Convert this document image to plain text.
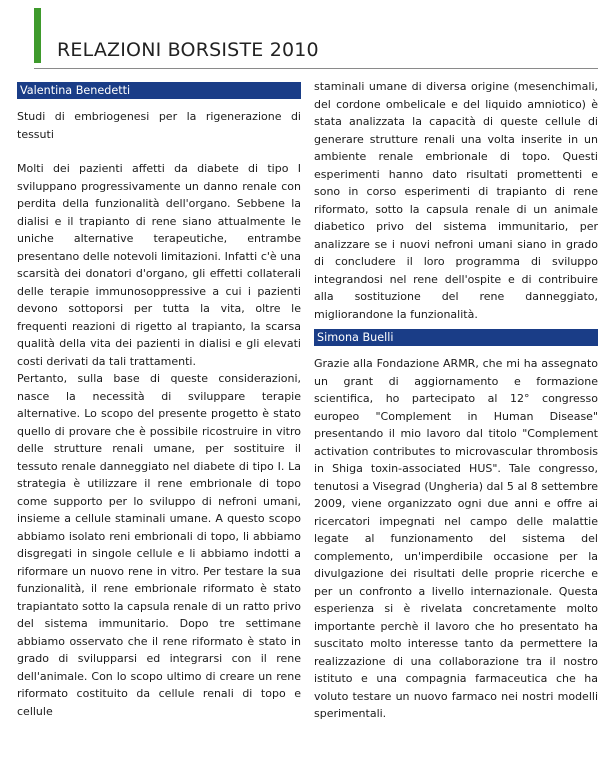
RELAZIONI BORSISTE 2010
Valentina Benedetti

Studi di embriogenesi per la rigenerazione di tessuti

Molti dei pazienti affetti da diabete di tipo I sviluppano progressivamente un danno renale con perdita della funzionalità dell'organo. Sebbene la dialisi e il trapianto di rene siano attualmente le uniche alternative terapeutiche, entrambe presentano delle notevoli limitazioni. Infatti c'è una scarsità dei donatori d'organo, gli effetti collaterali delle terapie immunosoppressive a cui i pazienti devono sottoporsi per tutta la vita, oltre le frequenti reazioni di rigetto al trapianto, la scarsa qualità della vita dei pazienti in dialisi e gli elevati costi derivati da tali trattamenti.

Pertanto, sulla base di queste considerazioni, nasce la necessità di sviluppare terapie alternative. Lo scopo del presente progetto è stato quello di provare che è possibile ricostruire in vitro delle strutture renali umane, per sostituire il tessuto renale danneggiato nel diabete di tipo I. La strategia è utilizzare il rene embrionale di topo come supporto per lo sviluppo di nefroni umani, insieme a cellule staminali umane. A questo scopo abbiamo isolato reni embrionali di topo, li abbiamo disgregati in singole cellule e li abbiamo indotti a riformare un nuovo rene in vitro. Per testare la sua funzionalità, il rene embrionale riformato è stato trapiantato sotto la capsula renale di un ratto privo del sistema immunitario. Dopo tre settimane abbiamo osservato che il rene riformato è stato in grado di svilupparsi ed integrarsi con il rene dell'animale. Con lo scopo ultimo di creare un rene riformato costituito da cellule renali di topo e cellule

staminali umane di diversa origine (mesenchimali, del cordone ombelicale e del liquido amniotico) è stata analizzata la capacità di queste cellule di generare strutture renali una volta inserite in un ambiente renale embrionale di topo. Questi esperimenti hanno dato risultati promettenti e sono in corso esperimenti di trapianto di rene riformato, sotto la capsula renale di un animale diabetico privo del sistema immunitario, per analizzare se i nuovi nefroni umani siano in grado di concludere il loro programma di sviluppo integrandosi nel rene dell'ospite e di contribuire alla sostituzione del rene danneggiato, migliorandone la funzionalità.

Simona Buelli

Grazie alla Fondazione ARMR, che mi ha assegnato un grant di aggiornamento e formazione scientifica, ho partecipato al 12° congresso europeo "Complement in Human Disease" presentando il mio lavoro dal titolo "Complement activation contributes to microvascular thrombosis in Shiga toxin-associated HUS". Tale congresso, tenutosi a Visegrad (Ungheria) dal 5 al 8 settembre 2009, viene organizzato ogni due anni e offre ai ricercatori impegnati nel campo delle malattie legate al funzionamento del sistema del complemento, un'imperdibile occasione per la divulgazione dei risultati delle proprie ricerche e per un confronto a livello internazionale. Questa esperienza si è rivelata concretamente molto importante perchè il lavoro che ho presentato ha suscitato molto interesse tanto da permettere la realizzazione di una collaborazione tra il nostro istituto e una compagnia farmaceutica che ha voluto testare un nuovo farmaco nei nostri modelli sperimentali.
